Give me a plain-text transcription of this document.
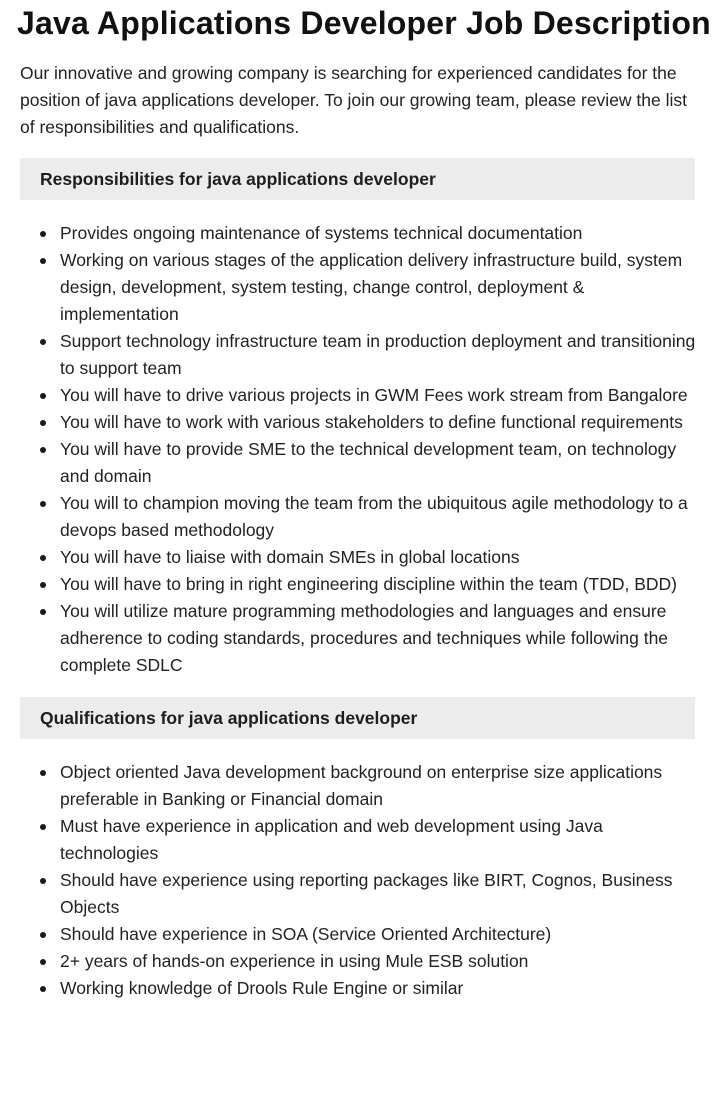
Java Applications Developer Job Description

Our innovative and growing company is searching for experienced candidates for the position of java applications developer. To join our growing team, please review the list of responsibilities and qualifications.

Responsibilities for java applications developer
Provides ongoing maintenance of systems technical documentation
Working on various stages of the application delivery infrastructure build, system design, development, system testing, change control, deployment & implementation
Support technology infrastructure team in production deployment and transitioning to support team
You will have to drive various projects in GWM Fees work stream from Bangalore
You will have to work with various stakeholders to define functional requirements
You will have to provide SME to the technical development team, on technology and domain
You will to champion moving the team from the ubiquitous agile methodology to a devops based methodology
You will have to liaise with domain SMEs in global locations
You will have to bring in right engineering discipline within the team (TDD, BDD)
You will utilize mature programming methodologies and languages and ensure adherence to coding standards, procedures and techniques while following the complete SDLC
Qualifications for java applications developer
Object oriented Java development background on enterprise size applications preferable in Banking or Financial domain
Must have experience in application and web development using Java technologies
Should have experience using reporting packages like BIRT, Cognos, Business Objects
Should have experience in SOA (Service Oriented Architecture)
2+ years of hands-on experience in using Mule ESB solution
Working knowledge of Drools Rule Engine or similar
